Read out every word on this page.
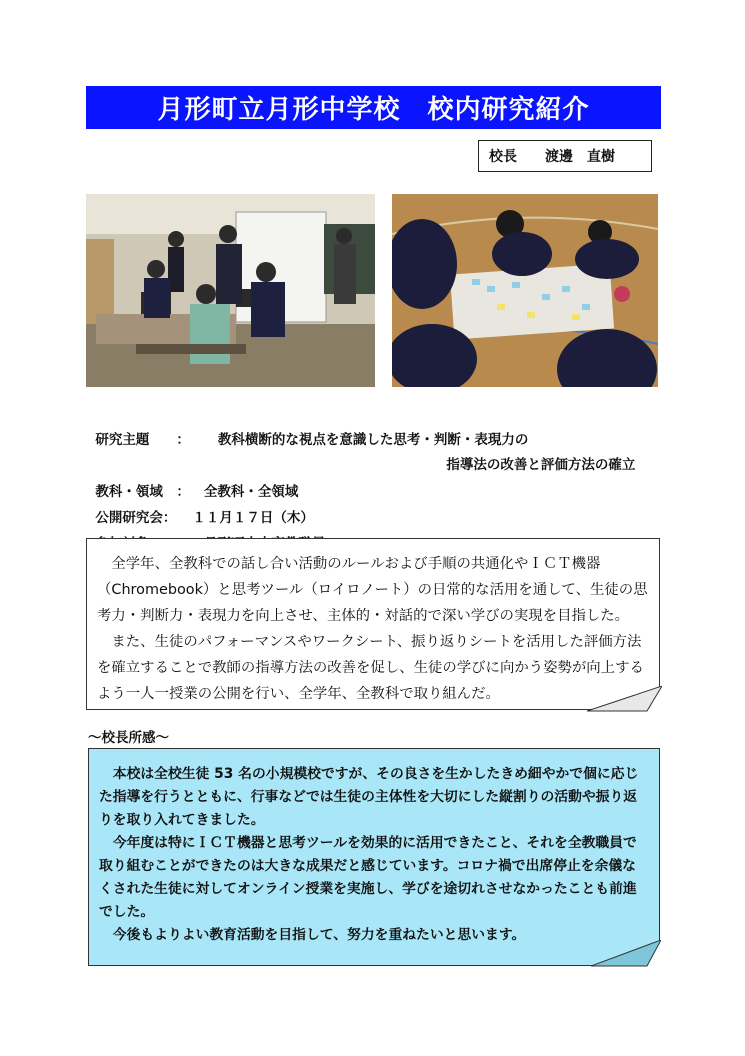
月形町立月形中学校　校内研究紹介
校長　　渡邊　直樹

研究主題　　： 教科横断的な視点を意識した思考・判断・表現力の

指導法の改善と評価方法の確立

教科・領域　： 全教科・全領域

公開研究会： １１月１７日（木）

全学年、全教科での話し合い活動のルールおよび手順の共通化やＩＣＴ機器（Chromebook）と思考ツール（ロイロノート）の日常的な活用を通して、生徒の思考力・判断力・表現力を向上させ、主体的・対話的で深い学びの実現を目指した。

また、生徒のパフォーマンスやワークシート、振り返りシートを活用した評価方法を確立することで教師の指導方法の改善を促し、生徒の学びに向かう姿勢が向上するよう一人一授業の公開を行い、全学年、全教科で取り組んだ。

〜校長所感〜

本校は全校生徒 53 名の小規模校ですが、その良さを生かしたきめ細やかで個に応じた指導を行うとともに、行事などでは生徒の主体性を大切にした縦割りの活動や振り返りを取り入れてきました。

今年度は特にＩＣＴ機器と思考ツールを効果的に活用できたこと、それを全教職員で取り組むことができたのは大きな成果だと感じています。コロナ禍で出席停止を余儀なくされた生徒に対してオンライン授業を実施し、学びを途切れさせなかったことも前進でした。

今後もよりよい教育活動を目指して、努力を重ねたいと思います。
